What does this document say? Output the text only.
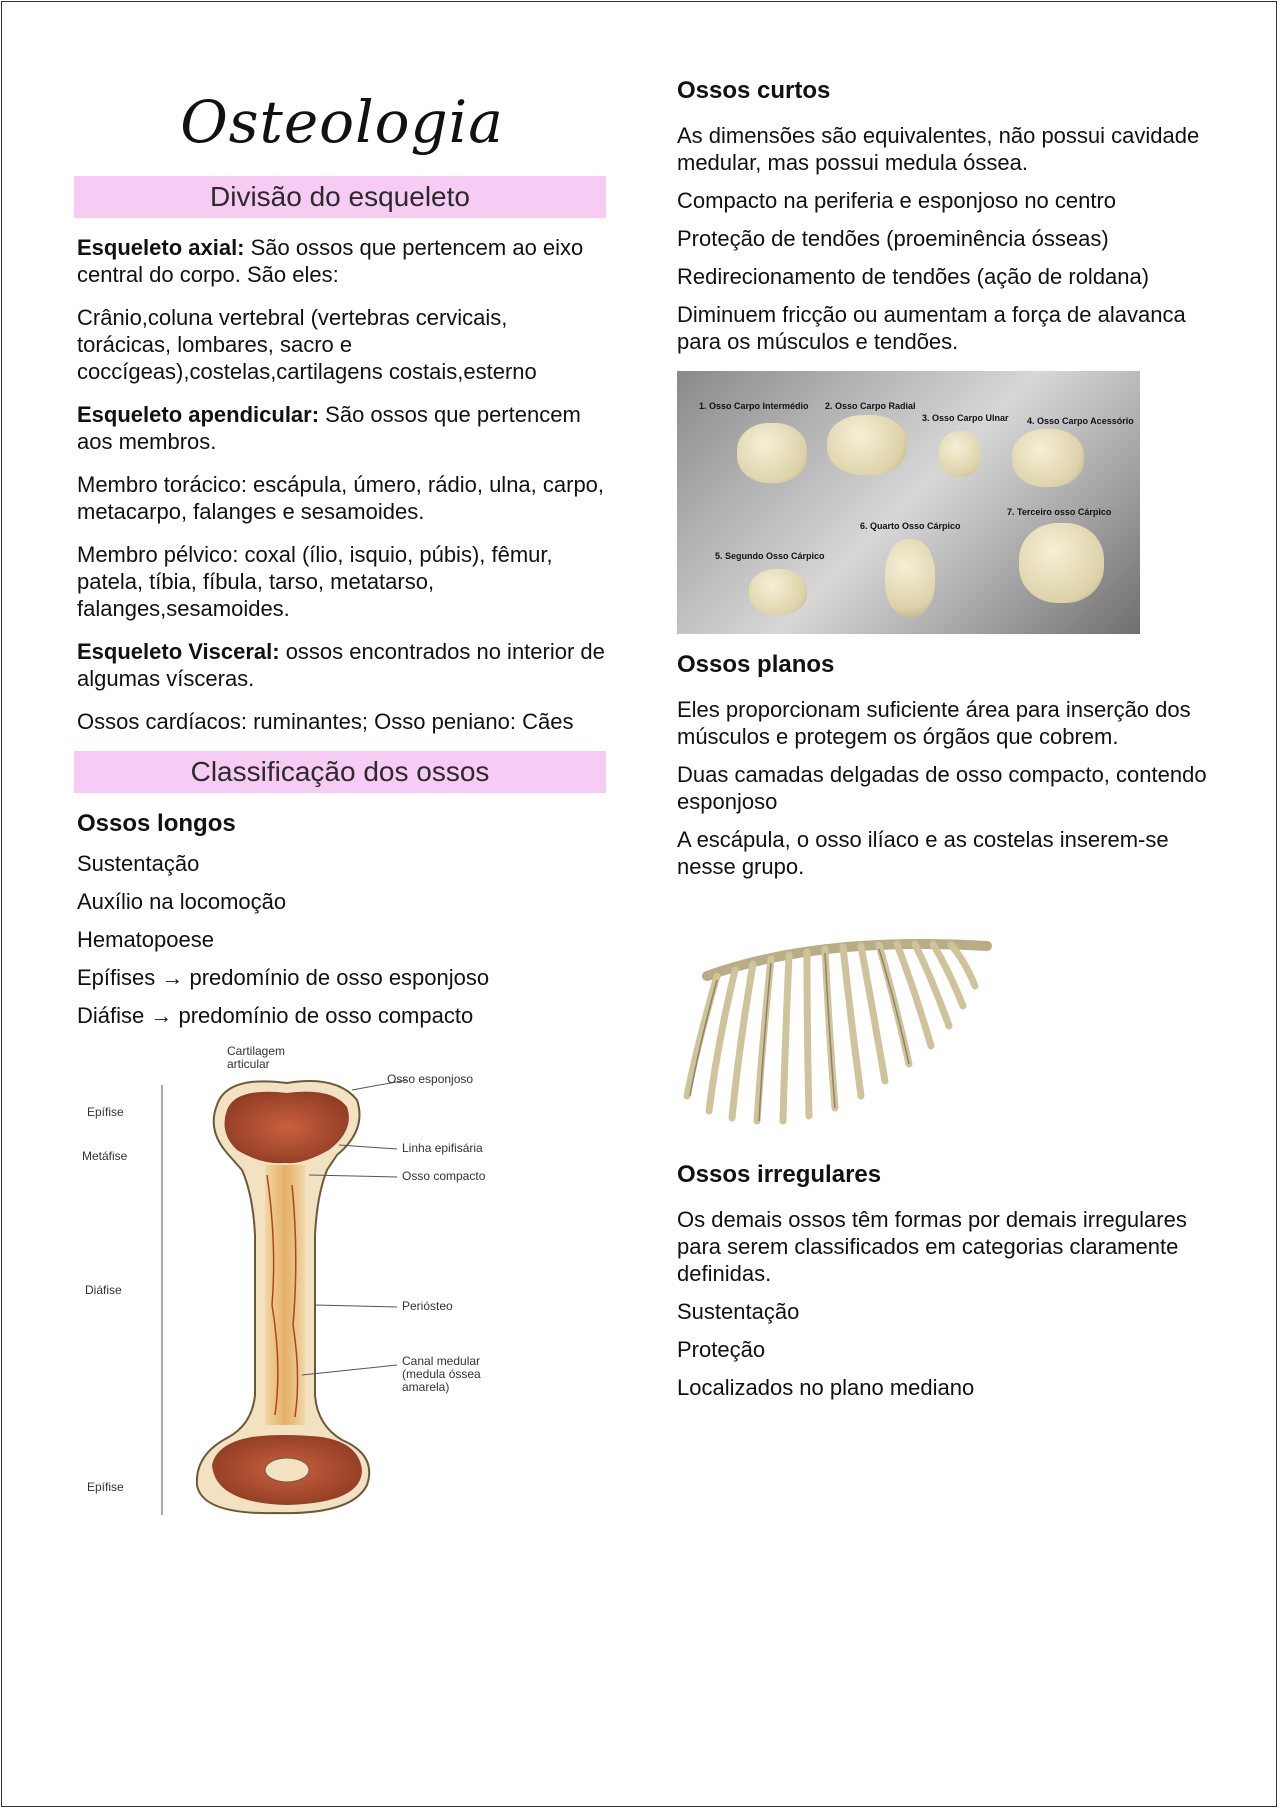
Osteologia
Divisão do esqueleto

Esqueleto axial: São ossos que pertencem ao eixo central do corpo. São eles:

Crânio,coluna vertebral (vertebras cervicais, torácicas, lombares, sacro e coccígeas),costelas,cartilagens costais,esterno

Esqueleto apendicular: São ossos que pertencem aos membros.

Membro torácico: escápula, úmero, rádio, ulna, carpo, metacarpo, falanges e sesamoides.

Membro pélvico: coxal (ílio, isquio, púbis), fêmur, patela, tíbia, fíbula, tarso, metatarso, falanges,sesamoides.

Esqueleto Visceral: ossos encontrados no interior de algumas vísceras.

Ossos cardíacos: ruminantes; Osso peniano: Cães

Classificação dos ossos
Ossos longos

Sustentação

Auxílio na locomoção

Hematopoese

Epífises → predomínio de osso esponjoso

Diáfise → predomínio de osso compacto

Cartilagem articular
Osso esponjoso
Epífise
Linha epifisária
Metáfise
Osso compacto
Diáfise
Periósteo
Canal medular (medula óssea amarela)
Epífise
Ossos curtos

As dimensões são equivalentes, não possui cavidade medular, mas possui medula óssea.

Compacto na periferia e esponjoso no centro

Proteção de tendões (proeminência ósseas)

Redirecionamento de tendões (ação de roldana)

Diminuem fricção ou aumentam a força de alavanca para os músculos e tendões.

1. Osso Carpo Intermédio 2. Osso Carpo Radial
3. Osso Carpo Ulnar 4. Osso Carpo Acessório
5. Segundo Osso Cárpico
6. Quarto Osso Cárpico
7. Terceiro osso Cárpico
Ossos planos

Eles proporcionam suficiente área para inserção dos músculos e protegem os órgãos que cobrem.

Duas camadas delgadas de osso compacto, contendo esponjoso

A escápula, o osso ilíaco e as costelas inserem-se nesse grupo.

Ossos irregulares

Os demais ossos têm formas por demais irregulares para serem classificados em categorias claramente definidas.

Sustentação

Proteção

Localizados no plano mediano
